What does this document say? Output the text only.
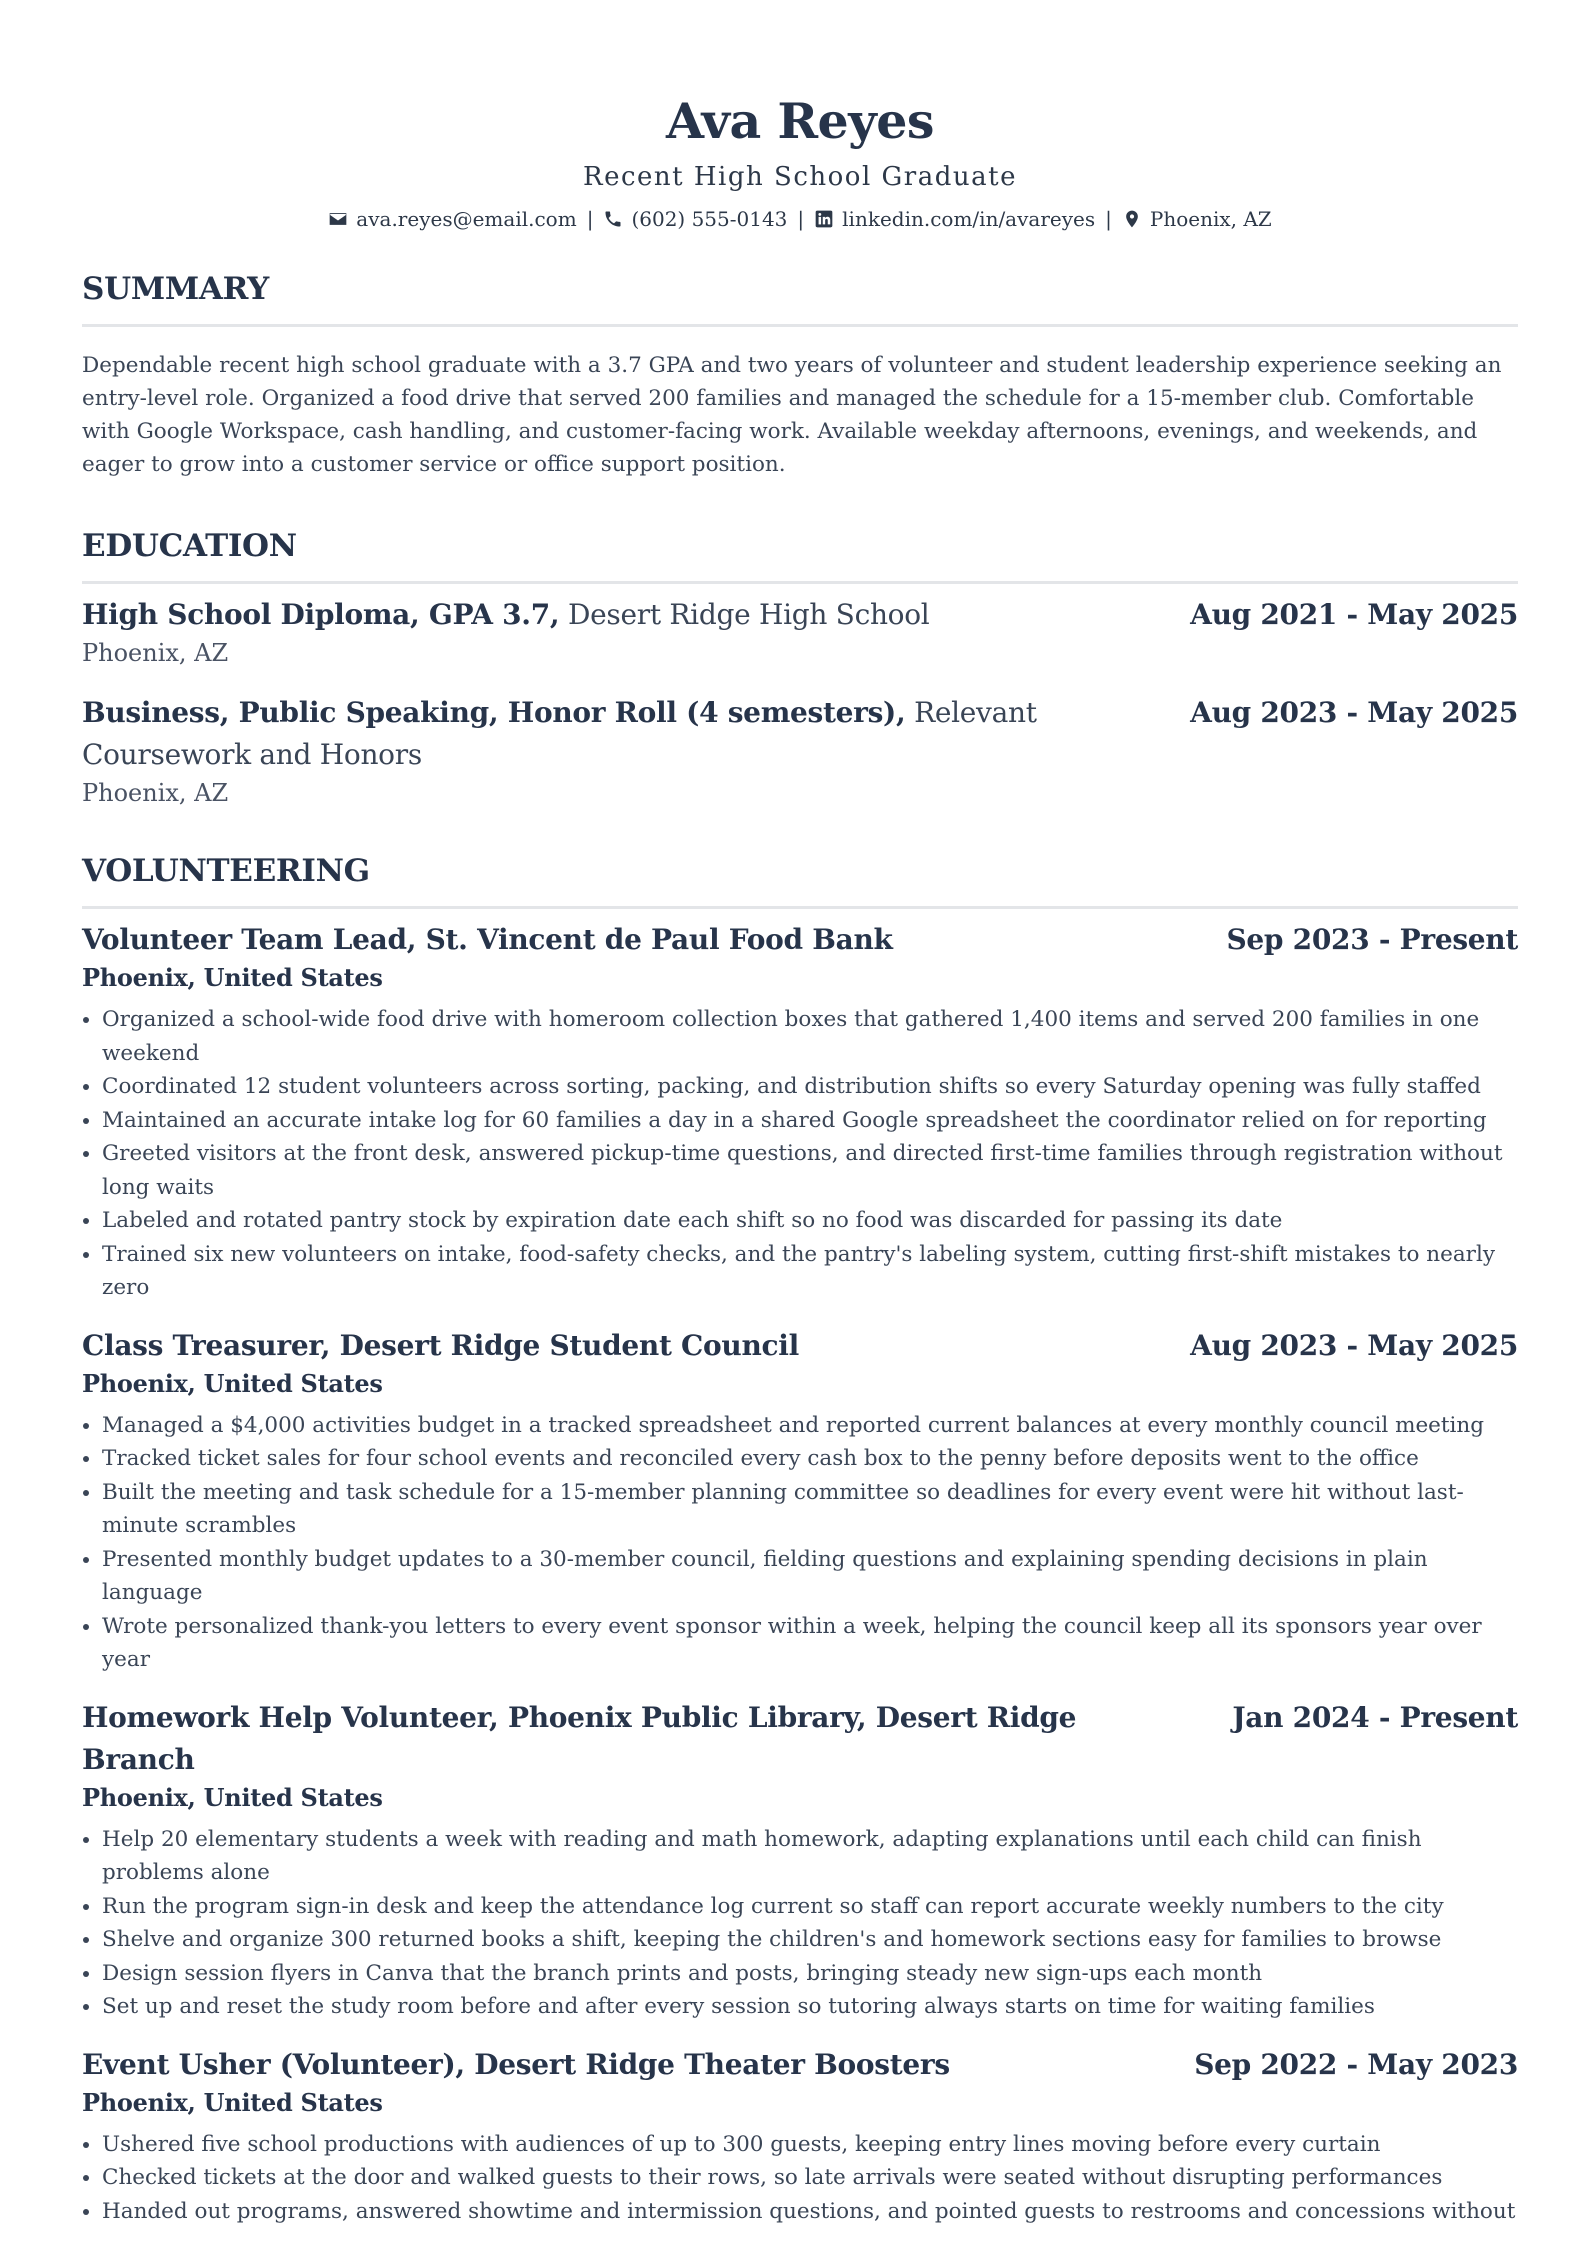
Ava Reyes
Recent High School Graduate
ava.reyes@email.com | (602) 555-0143 | linkedin.com/in/avareyes | Phoenix, AZ
SUMMARY
Dependable recent high school graduate with a 3.7 GPA and two years of volunteer and student leadership experience seeking an entry-level role. Organized a food drive that served 200 families and managed the schedule for a 15-member club. Comfortable with Google Workspace, cash handling, and customer-facing work. Available weekday afternoons, evenings, and weekends, and eager to grow into a customer service or office support position.
EDUCATION
High School Diploma, GPA 3.7, Desert Ridge High School	Aug 2021 - May 2025
Phoenix, AZ
Business, Public Speaking, Honor Roll (4 semesters), Relevant Coursework and Honors
Aug 2023 - May 2025
Phoenix, AZ
VOLUNTEERING
Volunteer Team Lead, St. Vincent de Paul Food Bank	Sep 2023 - Present
Phoenix, United States
• Organized a school-wide food drive with homeroom collection boxes that gathered 1,400 items and served 200 families in one weekend
• Coordinated 12 student volunteers across sorting, packing, and distribution shifts so every Saturday opening was fully staffed
• Maintained an accurate intake log for 60 families a day in a shared Google spreadsheet the coordinator relied on for reporting
• Greeted visitors at the front desk, answered pickup-time questions, and directed first-time families through registration without long waits
• Labeled and rotated pantry stock by expiration date each shift so no food was discarded for passing its date
• Trained six new volunteers on intake, food-safety checks, and the pantry's labeling system, cutting first-shift mistakes to nearly zero
Class Treasurer, Desert Ridge Student Council	Aug 2023 - May 2025
Phoenix, United States
• Managed a $4,000 activities budget in a tracked spreadsheet and reported current balances at every monthly council meeting
• Tracked ticket sales for four school events and reconciled every cash box to the penny before deposits went to the office
• Built the meeting and task schedule for a 15-member planning committee so deadlines for every event were hit without last-minute scrambles
• Presented monthly budget updates to a 30-member council, fielding questions and explaining spending decisions in plain language
• Wrote personalized thank-you letters to every event sponsor within a week, helping the council keep all its sponsors year over year
Homework Help Volunteer, Phoenix Public Library, Desert Ridge Branch
Jan 2024 - Present
Phoenix, United States
• Help 20 elementary students a week with reading and math homework, adapting explanations until each child can finish problems alone
• Run the program sign-in desk and keep the attendance log current so staff can report accurate weekly numbers to the city
• Shelve and organize 300 returned books a shift, keeping the children's and homework sections easy for families to browse
• Design session flyers in Canva that the branch prints and posts, bringing steady new sign-ups each month
• Set up and reset the study room before and after every session so tutoring always starts on time for waiting families
Event Usher (Volunteer), Desert Ridge Theater Boosters	Sep 2022 - May 2023
Phoenix, United States
• Ushered five school productions with audiences of up to 300 guests, keeping entry lines moving before every curtain
• Checked tickets at the door and walked guests to their rows, so late arrivals were seated without disrupting performances
• Handed out programs, answered showtime and intermission questions, and pointed guests to restrooms and concessions without
